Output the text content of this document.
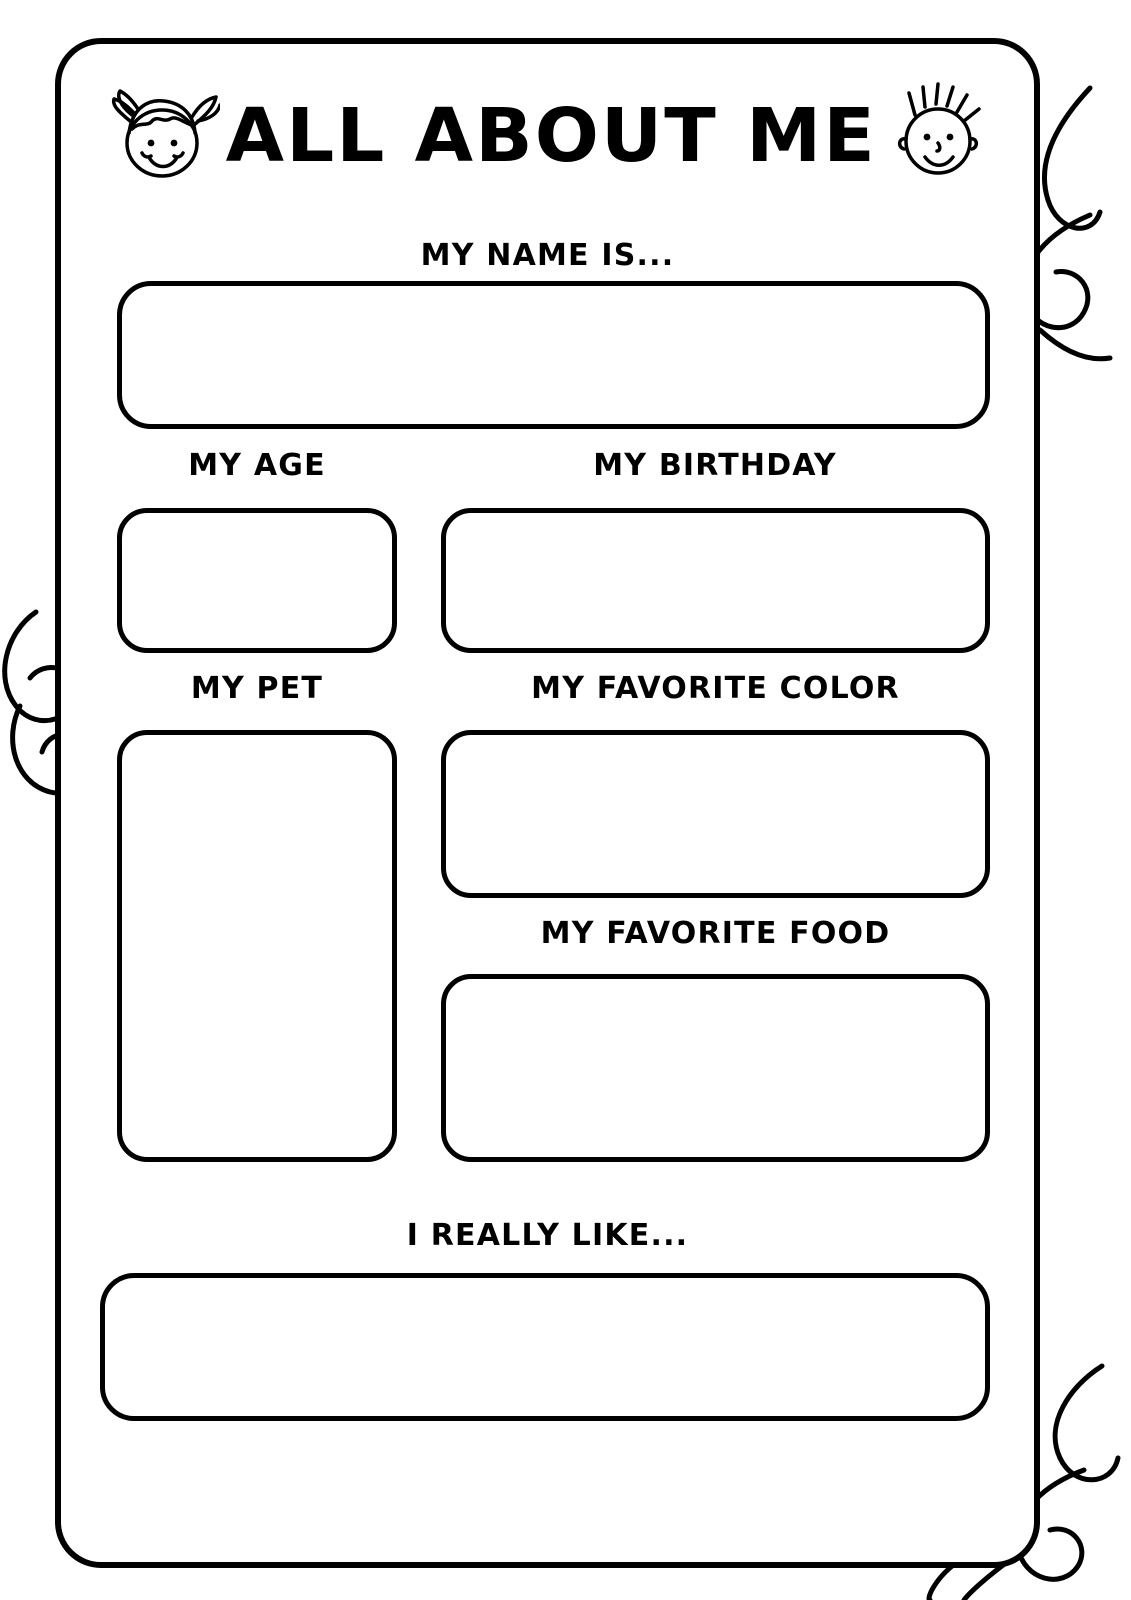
ALL ABOUT ME
MY NAME IS...
MY AGE	MY BIRTHDAY
MY PET	MY FAVORITE COLOR
MY FAVORITE FOOD
I REALLY LIKE...
